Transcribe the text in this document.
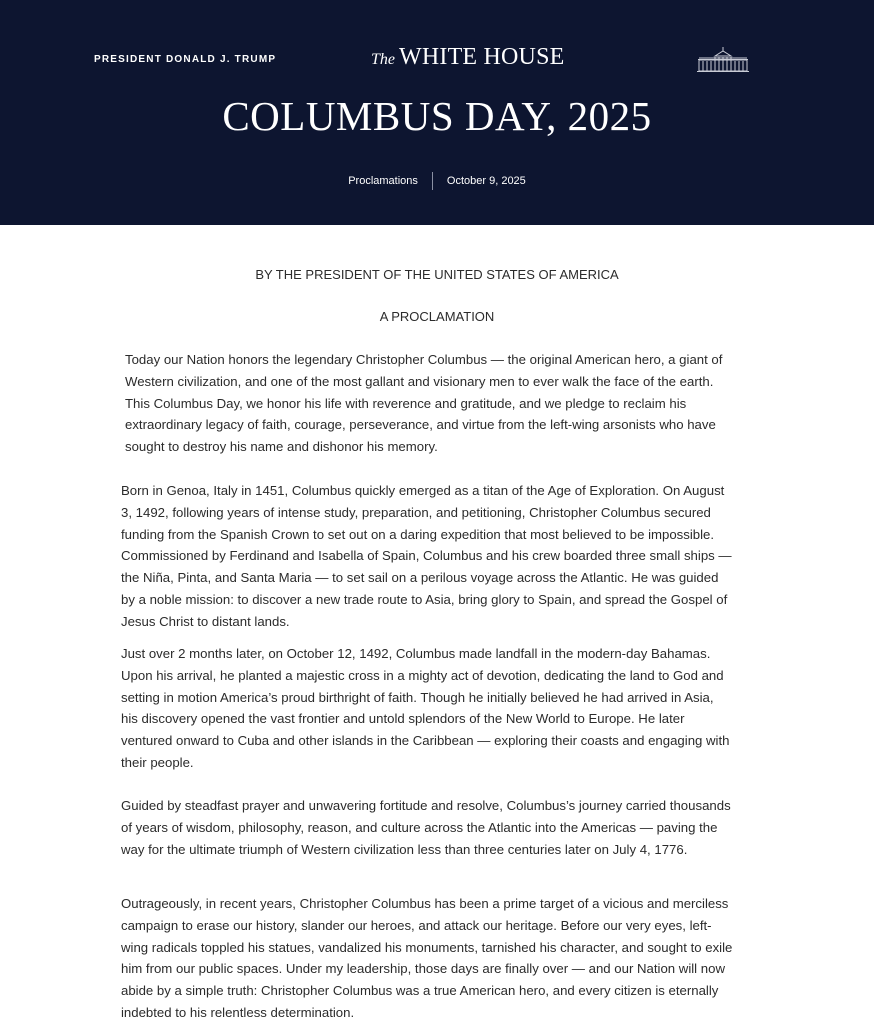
PRESIDENT DONALD J. TRUMP	The WHITE HOUSE
COLUMBUS DAY, 2025
Proclamations	October 9, 2025
BY THE PRESIDENT OF THE UNITED STATES OF AMERICA
A PROCLAMATION

Today our Nation honors the legendary Christopher Columbus — the original American hero, a giant of Western civilization, and one of the most gallant and visionary men to ever walk the face of the earth. This Columbus Day, we honor his life with reverence and gratitude, and we pledge to reclaim his extraordinary legacy of faith, courage, perseverance, and virtue from the left-wing arsonists who have sought to destroy his name and dishonor his memory.

Born in Genoa, Italy in 1451, Columbus quickly emerged as a titan of the Age of Exploration. On August 3, 1492, following years of intense study, preparation, and petitioning, Christopher Columbus secured funding from the Spanish Crown to set out on a daring expedition that most believed to be impossible. Commissioned by Ferdinand and Isabella of Spain, Columbus and his crew boarded three small ships — the Niña, Pinta, and Santa Maria — to set sail on a perilous voyage across the Atlantic. He was guided by a noble mission: to discover a new trade route to Asia, bring glory to Spain, and spread the Gospel of Jesus Christ to distant lands.

Just over 2 months later, on October 12, 1492, Columbus made landfall in the modern-day Bahamas. Upon his arrival, he planted a majestic cross in a mighty act of devotion, dedicating the land to God and setting in motion America’s proud birthright of faith. Though he initially believed he had arrived in Asia, his discovery opened the vast frontier and untold splendors of the New World to Europe. He later ventured onward to Cuba and other islands in the Caribbean — exploring their coasts and engaging with their people.

Guided by steadfast prayer and unwavering fortitude and resolve, Columbus’s journey carried thousands of years of wisdom, philosophy, reason, and culture across the Atlantic into the Americas — paving the way for the ultimate triumph of Western civilization less than three centuries later on July 4, 1776.

Outrageously, in recent years, Christopher Columbus has been a prime target of a vicious and merciless campaign to erase our history, slander our heroes, and attack our heritage. Before our very eyes, left-wing radicals toppled his statues, vandalized his monuments, tarnished his character, and sought to exile him from our public spaces. Under my leadership, those days are finally over — and our Nation will now abide by a simple truth: Christopher Columbus was a true American hero, and every citizen is eternally indebted to his relentless determination.
